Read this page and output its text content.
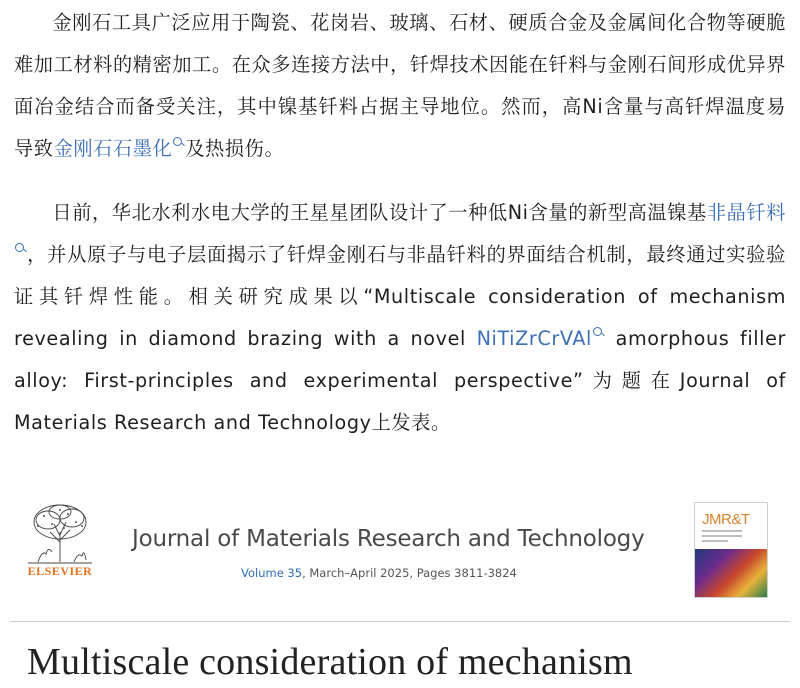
金刚石工具广泛应用于陶瓷、花岗岩、玻璃、石材、硬质合金及金属间化合物等硬脆难加工材料的精密加工。在众多连接方法中，钎焊技术因能在钎料与金刚石间形成优异界面冶金结合而备受关注，其中镍基钎料占据主导地位。然而，高Ni含量与高钎焊温度易导致金刚石石墨化 及热损伤。

日前，华北水利水电大学的王星星团队设计了一种低Ni含量的新型高温镍基非晶钎料，并从原子与电子层面揭示了钎焊金刚石与非晶钎料的界面结合机制，最终通过实验验证其钎焊性能。相关研究成果以“Multiscale consideration of mechanism revealing in diamond brazing with a novel NiTiZrCrVAl amorphous filler alloy: First-principles and experimental perspective”为题在Journal of Materials Research and Technology上发表。

ELSEVIER
Journal of Materials Research and Technology
Volume 35, March–April 2025, Pages 3811-3824
JMR&T
Multiscale consideration of mechanism
